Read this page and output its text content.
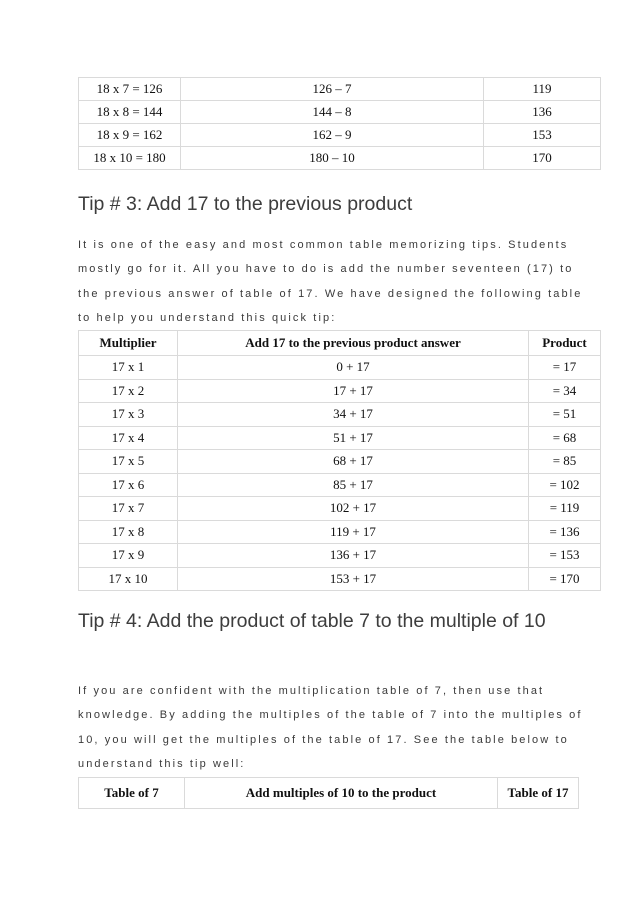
18 x 7 = 126	126 – 7	119
18 x 8 = 144	144 – 8	136
18 x 9 = 162	162 – 9	153
18 x 10 = 180	180 – 10	170
Tip # 3: Add 17 to the previous product
It is one of the easy and most common table memorizing tips. Students
mostly go for it. All you have to do is add the number seventeen (17) to
the previous answer of table of 17. We have designed the following table
to help you understand this quick tip:
Multiplier	Add 17 to the previous product answer	Product
17 x 1	0 + 17	= 17
17 x 2	17 + 17	= 34
17 x 3	34 + 17	= 51
17 x 4	51 + 17	= 68
17 x 5	68 + 17	= 85
17 x 6	85 + 17	= 102
17 x 7	102 + 17	= 119
17 x 8	119 + 17	= 136
17 x 9	136 + 17	= 153
17 x 10	153 + 17	= 170
Tip # 4: Add the product of table 7 to the multiple of 10
If you are confident with the multiplication table of 7, then use that
knowledge. By adding the multiples of the table of 7 into the multiples of
10, you will get the multiples of the table of 17. See the table below to
understand this tip well:
Table of 7	Add multiples of 10 to the product	Table of 17
